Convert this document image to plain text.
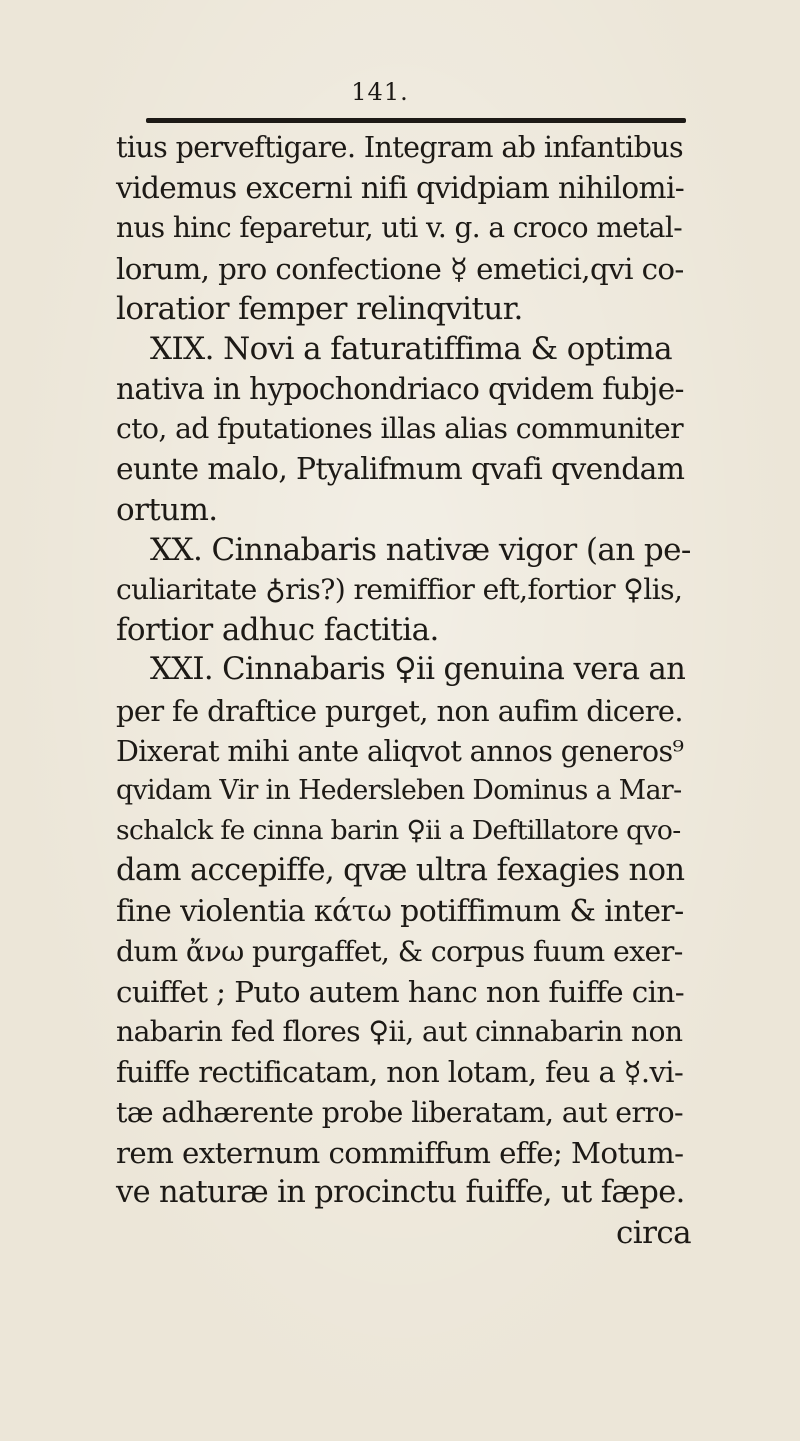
141.
tius perveftigare. Integram ab infantibus
videmus excerni nifi qvidpiam nihilomi-
nus hinc feparetur, uti v. g. a croco metal-
lorum, pro confectione ☿ emetici,qvi co-
loratior femper relinqvitur.
XIX. Novi a faturatiffima & optima
nativa in hypochondriaco qvidem fubje-
cto, ad fputationes illas alias communiter
eunte malo, Ptyalifmum qvafi qvendam
ortum.
XX. Cinnabaris nativæ vigor (an pe-
culiaritate ♁ris?) remiffior eft,fortior ♀lis,
fortior adhuc factitia.
XXI. Cinnabaris ♀ii genuina vera an
per fe draftice purget, non aufim dicere.
Dixerat mihi ante aliqvot annos generos⁹
qvidam Vir in Hedersleben Dominus a Mar-
schalck fe cinna barin ♀ii a Deftillatore qvo-
dam accepiffe, qvæ ultra fexagies non
fine violentia κάτω potiffimum & inter-
dum ἄνω purgaffet, & corpus fuum exer-
cuiffet ; Puto autem hanc non fuiffe cin-
nabarin fed flores ♀ii, aut cinnabarin non
fuiffe rectificatam, non lotam, feu a ☿.vi-
tæ adhærente probe liberatam, aut erro-
rem externum commiffum effe; Motum-
ve naturæ in procinctu fuiffe, ut fæpe.
circa
